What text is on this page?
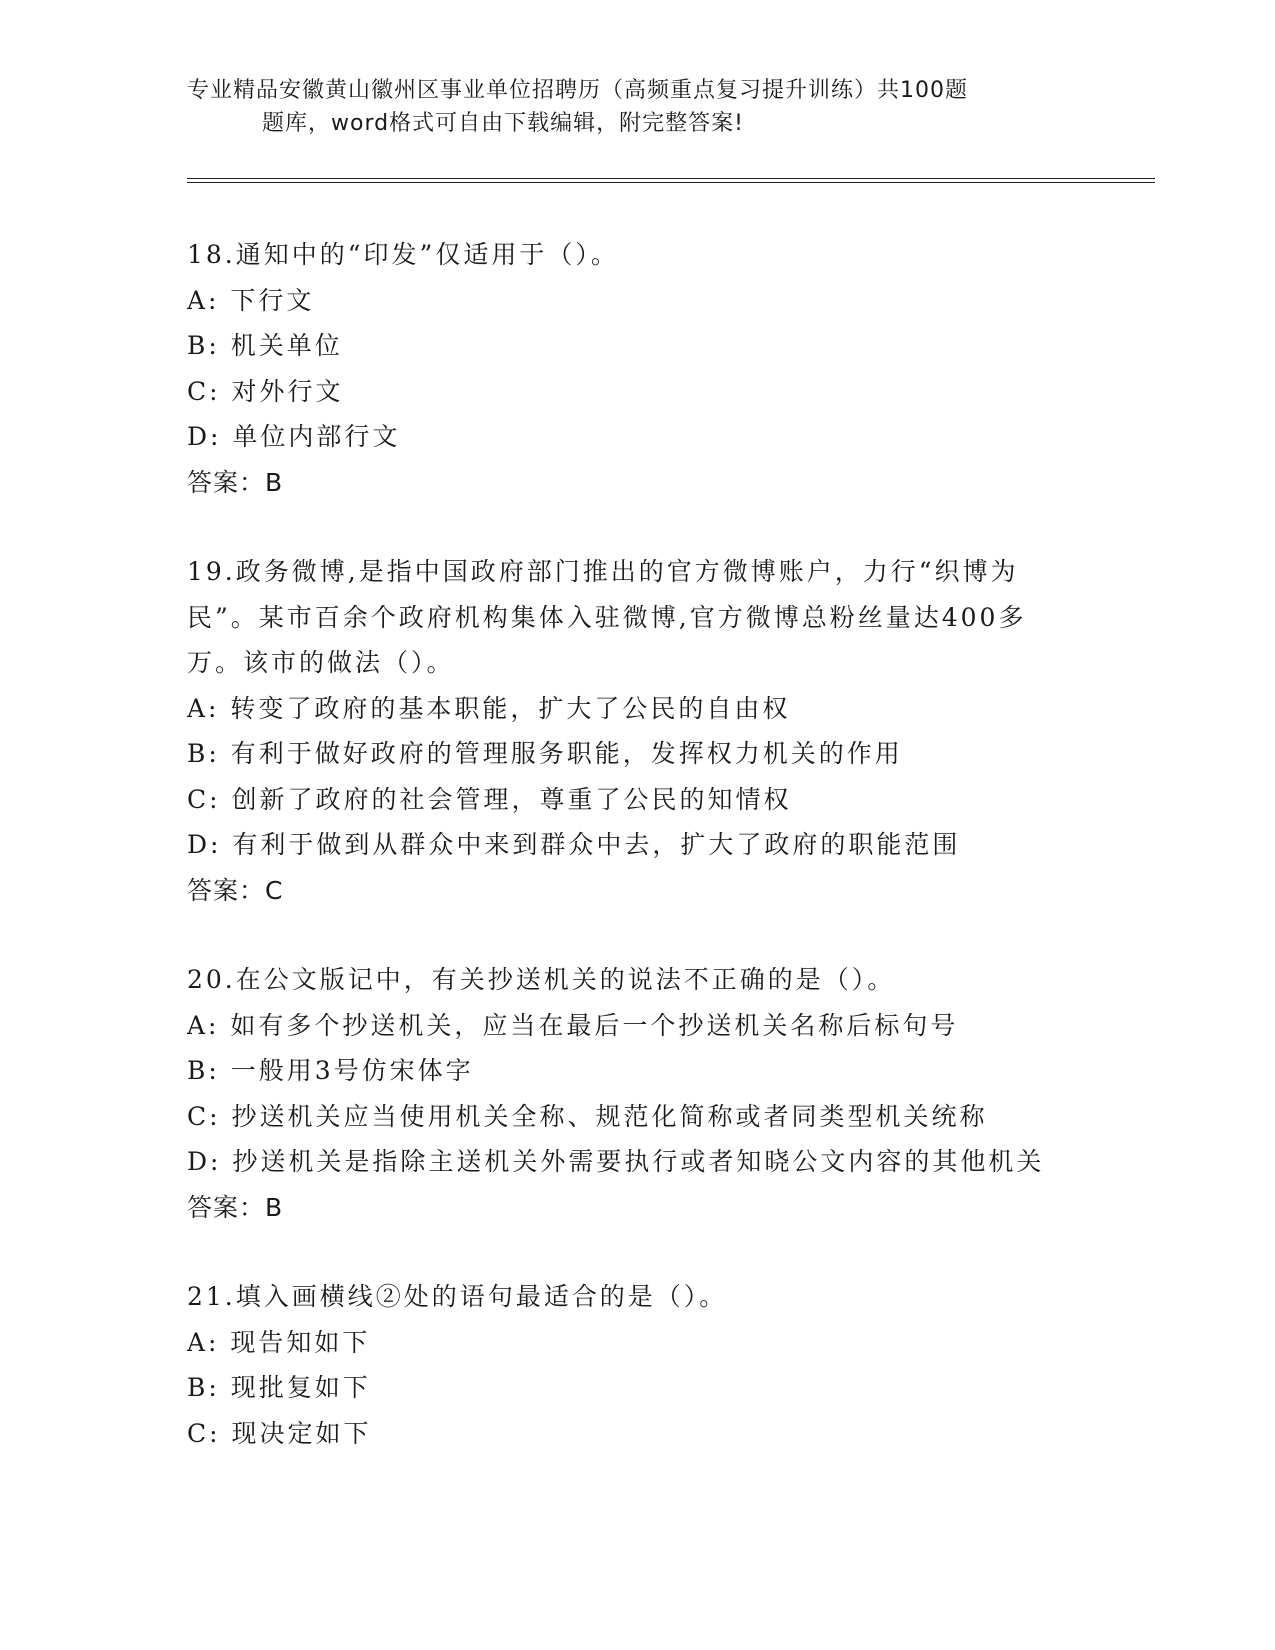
专业精品安徽黄山徽州区事业单位招聘历（高频重点复习提升训练）共100题
题库，word格式可自由下载编辑，附完整答案!
18.通知中的“印发”仅适用于（）。
A: 下行文
B: 机关单位
C: 对外行文
D: 单位内部行文
答案：B
19.政务微博,是指中国政府部门推出的官方微博账户，力行“织博为
民”。某市百余个政府机构集体入驻微博,官方微博总粉丝量达400多
万。该市的做法（）。
A: 转变了政府的基本职能，扩大了公民的自由权
B: 有利于做好政府的管理服务职能，发挥权力机关的作用
C: 创新了政府的社会管理，尊重了公民的知情权
D: 有利于做到从群众中来到群众中去，扩大了政府的职能范围
答案：C
20.在公文版记中，有关抄送机关的说法不正确的是（）。
A: 如有多个抄送机关，应当在最后一个抄送机关名称后标句号
B: 一般用3号仿宋体字
C: 抄送机关应当使用机关全称、规范化简称或者同类型机关统称
D: 抄送机关是指除主送机关外需要执行或者知晓公文内容的其他机关
答案：B
21.填入画横线②处的语句最适合的是（）。
A: 现告知如下
B: 现批复如下
C: 现决定如下
